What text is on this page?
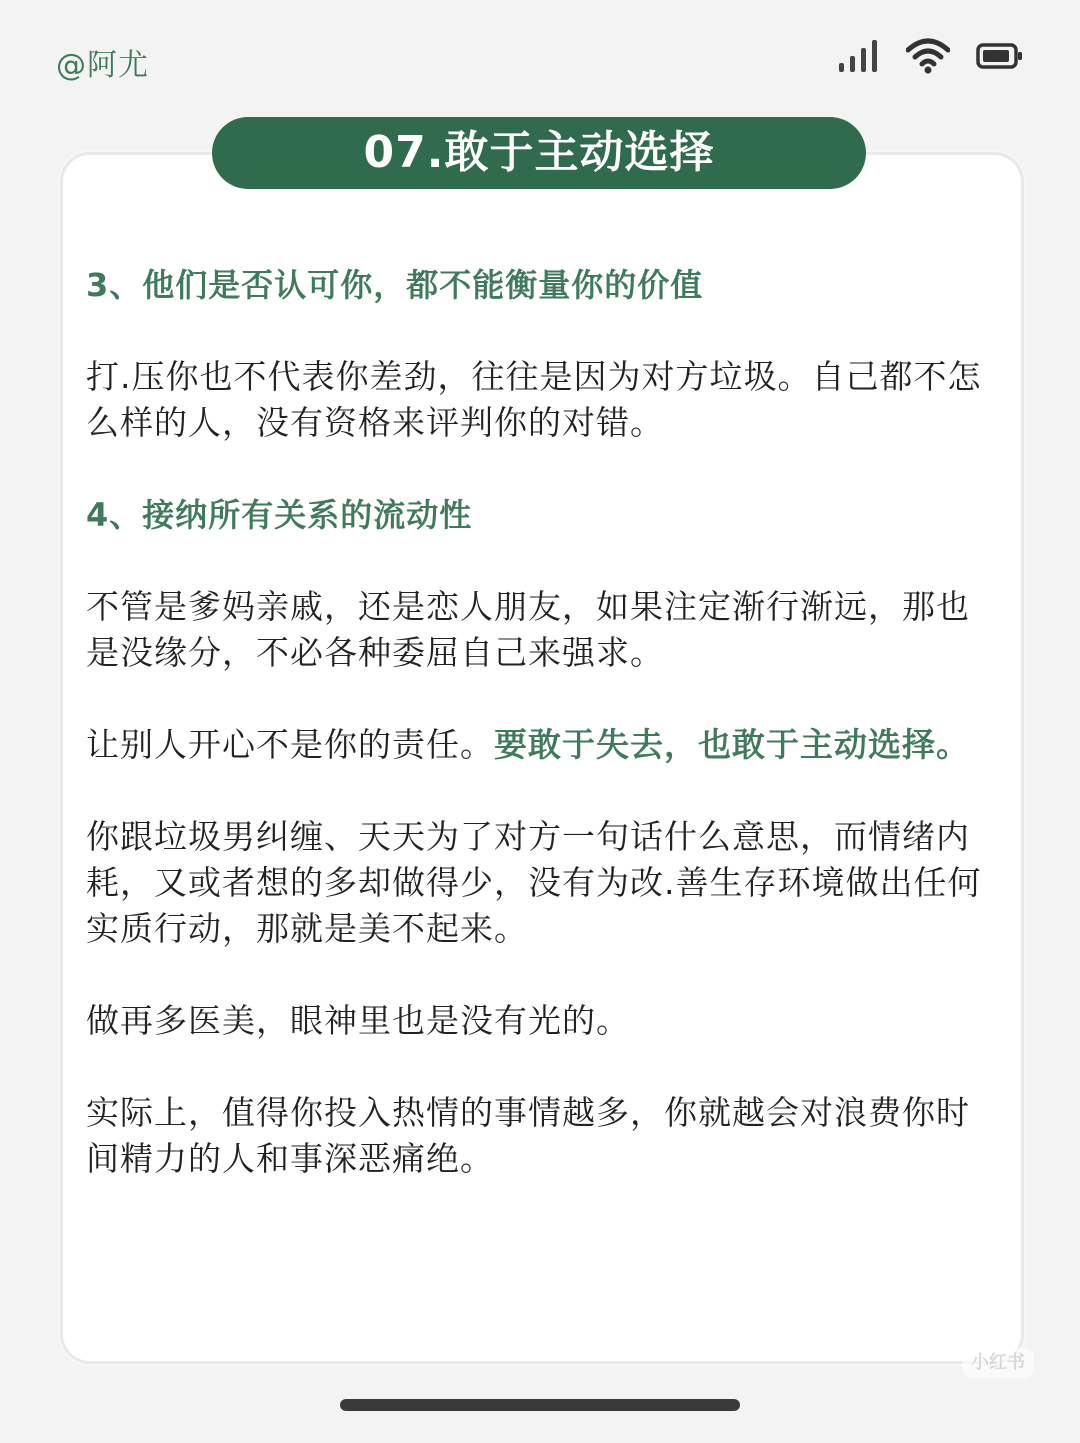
@阿尤
07.敢于主动选择

3、他们是否认可你，都不能衡量你的价值

打.压你也不代表你差劲，往往是因为对方垃圾。自己都不怎么样的人，没有资格来评判你的对错。

4、接纳所有关系的流动性

不管是爹妈亲戚，还是恋人朋友，如果注定渐行渐远，那也是没缘分，不必各种委屈自己来强求。

让别人开心不是你的责任。要敢于失去，也敢于主动选择。

你跟垃圾男纠缠、天天为了对方一句话什么意思，而情绪内耗，又或者想的多却做得少，没有为改.善生存环境做出任何实质行动，那就是美不起来。

做再多医美，眼神里也是没有光的。

实际上，值得你投入热情的事情越多，你就越会对浪费你时间精力的人和事深恶痛绝。

小红书
